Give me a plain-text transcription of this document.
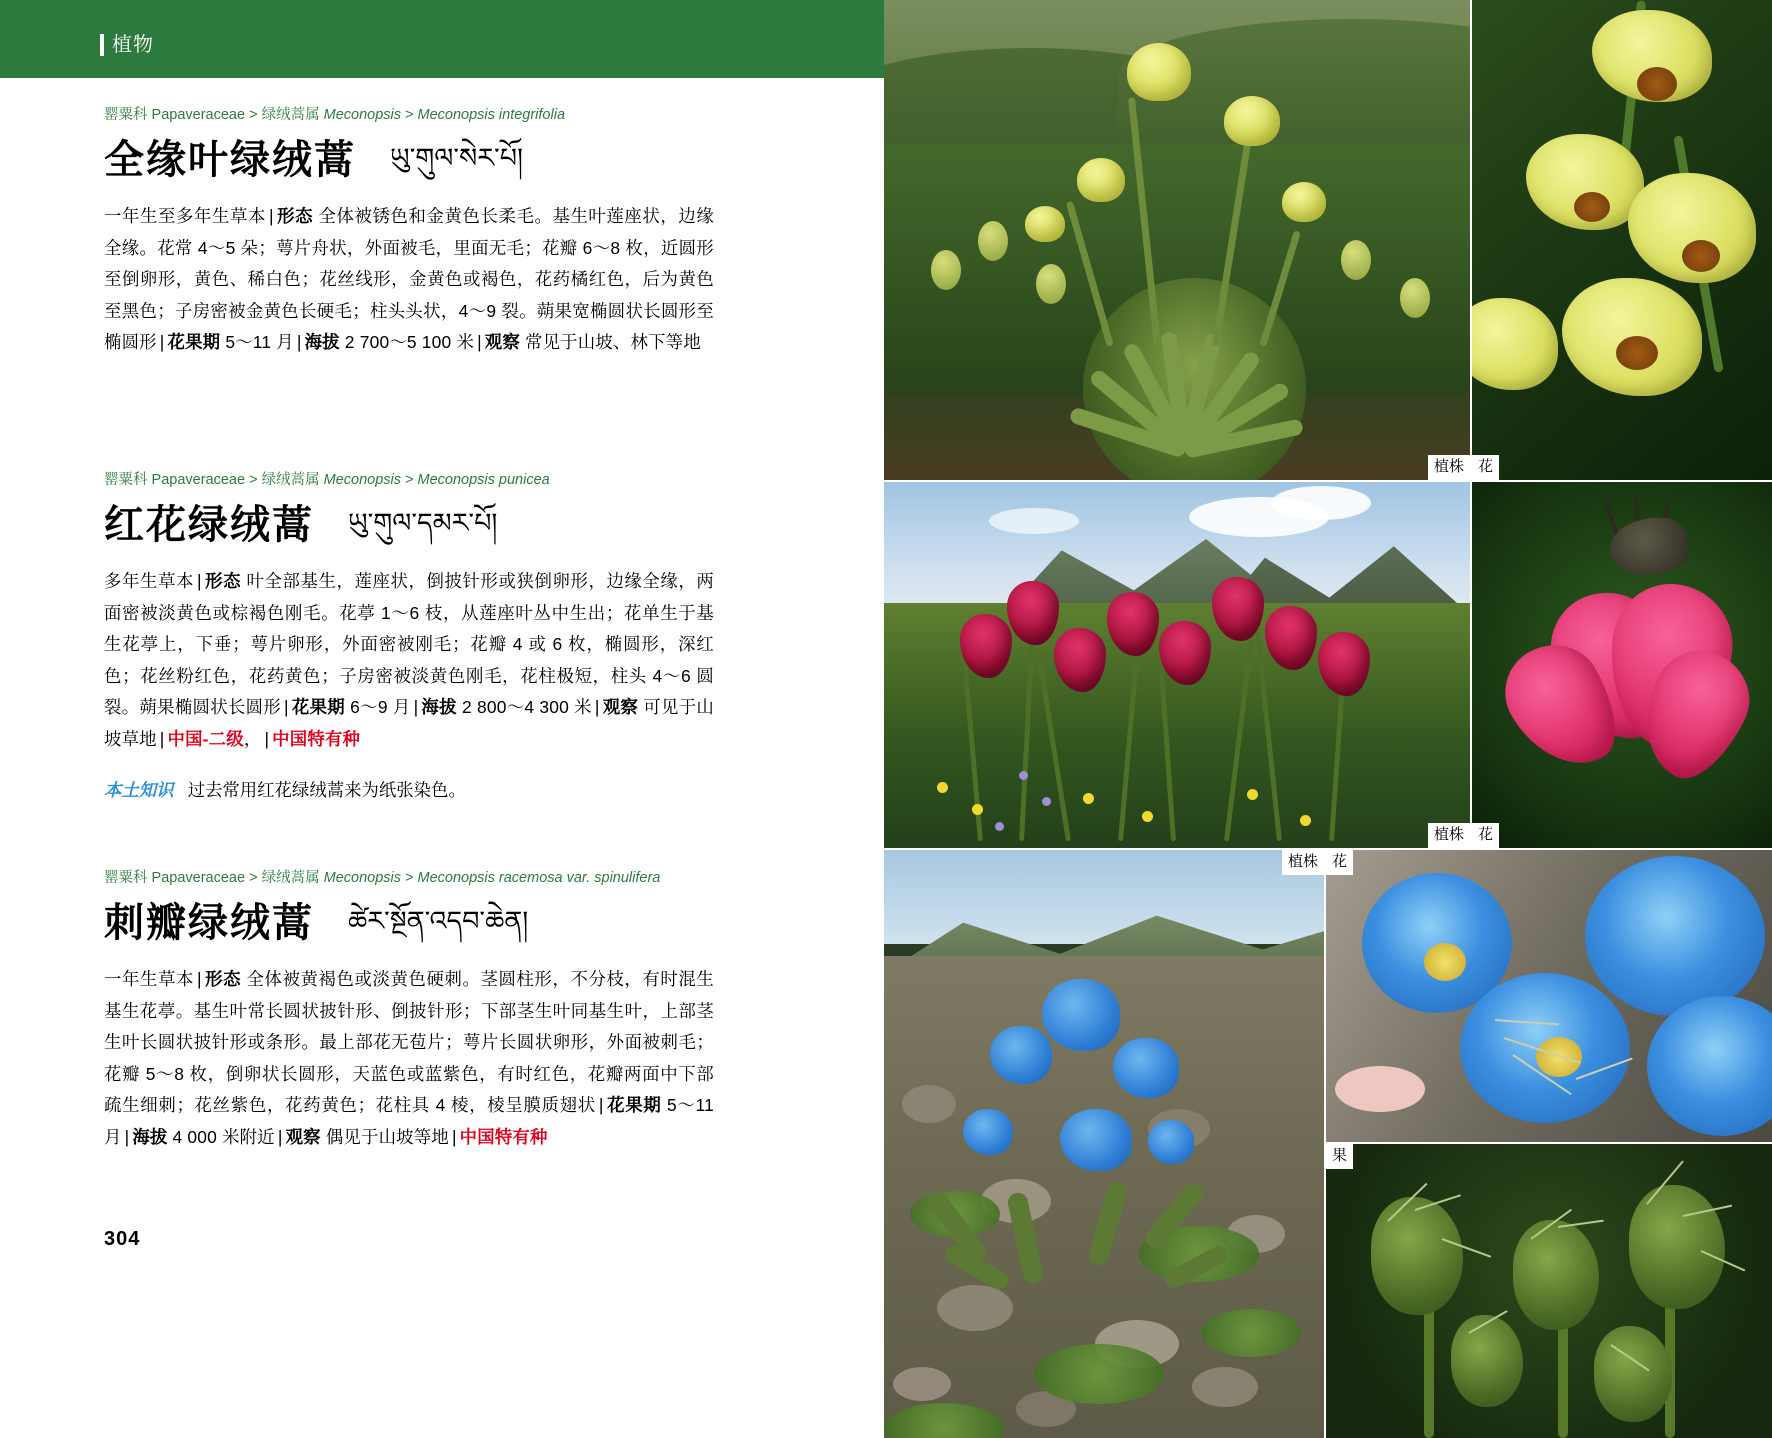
植物
罂粟科 Papaveraceae > 绿绒蒿属 Meconopsis > Meconopsis integrifolia
全缘叶绿绒蒿 ཡུ་གུལ་སེར་པོ།
一年生至多年生草本 | 形态 全体被锈色和金黄色长柔毛。基生叶莲座状，边缘全缘。花常 4～5 朵；萼片舟状，外面被毛，里面无毛；花瓣 6～8 枚，近圆形至倒卵形，黄色、稀白色；花丝线形，金黄色或褐色，花药橘红色，后为黄色至黑色；子房密被金黄色长硬毛；柱头头状，4～9 裂。蒴果宽椭圆状长圆形至椭圆形 | 花果期 5～11 月 | 海拔 2 700～5 100 米 | 观察 常见于山坡、林下等地
罂粟科 Papaveraceae > 绿绒蒿属 Meconopsis > Meconopsis punicea
红花绿绒蒿 ཡུ་གུལ་དམར་པོ།
多年生草本 | 形态 叶全部基生，莲座状，倒披针形或狭倒卵形，边缘全缘，两面密被淡黄色或棕褐色刚毛。花葶 1～6 枝，从莲座叶丛中生出；花单生于基生花葶上，下垂；萼片卵形，外面密被刚毛；花瓣 4 或 6 枚，椭圆形，深红色；花丝粉红色，花药黄色；子房密被淡黄色刚毛，花柱极短，柱头 4～6 圆裂。蒴果椭圆状长圆形 | 花果期 6～9 月 | 海拔 2 800～4 300 米 | 观察 可见于山坡草地 | 中国-二级， | 中国特有种
本土知识 过去常用红花绿绒蒿来为纸张染色。
罂粟科 Papaveraceae > 绿绒蒿属 Meconopsis > Meconopsis racemosa var. spinulifera
刺瓣绿绒蒿 ཚེར་སྔོན་འདབ་ཆེན།
一年生草本 | 形态 全体被黄褐色或淡黄色硬刺。茎圆柱形，不分枝，有时混生基生花葶。基生叶常长圆状披针形、倒披针形；下部茎生叶同基生叶，上部茎生叶长圆状披针形或条形。最上部花无苞片；萼片长圆状卵形，外面被刺毛；花瓣 5～8 枚，倒卵状长圆形，天蓝色或蓝紫色，有时红色，花瓣两面中下部疏生细刺；花丝紫色，花药黄色；花柱具 4 棱，棱呈膜质翅状 | 花果期 5～11 月 | 海拔 4 000 米附近 | 观察 偶见于山坡等地 | 中国特有种
304
植株 花
植株 花
植株 花
果
